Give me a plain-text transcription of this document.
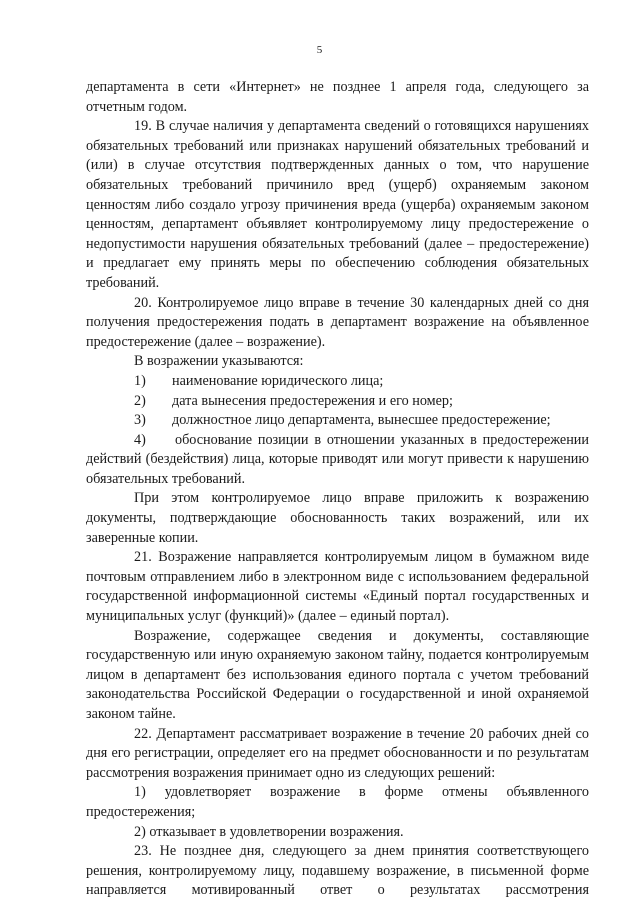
5

департамента в сети «Интернет» не позднее 1 апреля года, следующего за отчетным годом.

19. В случае наличия у департамента сведений о готовящихся нарушениях обязательных требований или признаках нарушений обязательных требований и (или) в случае отсутствия подтвержденных данных о том, что нарушение обязательных требований причинило вред (ущерб) охраняемым законом ценностям либо создало угрозу причинения вреда (ущерба) охраняемым законом ценностям, департамент объявляет контролируемому лицу предостережение о недопустимости нарушения обязательных требований (далее – предостережение) и предлагает ему принять меры по обеспечению соблюдения обязательных требований.

20. Контролируемое лицо вправе в течение 30 календарных дней со дня получения предостережения подать в департамент возражение на объявленное предостережение (далее – возражение).

В возражении указываются:

1)	наименование юридического лица;
2)	дата вынесения предостережения и его номер;
3)	должностное лицо департамента, вынесшее предостережение;

4) обоснование позиции в отношении указанных в предостережении действий (бездействия) лица, которые приводят или могут привести к нарушению обязательных требований.

При этом контролируемое лицо вправе приложить к возражению документы, подтверждающие обоснованность таких возражений, или их заверенные копии.

21. Возражение направляется контролируемым лицом в бумажном виде почтовым отправлением либо в электронном виде с использованием федеральной государственной информационной системы «Единый портал государственных и муниципальных услуг (функций)» (далее – единый портал).

Возражение, содержащее сведения и документы, составляющие государственную или иную охраняемую законом тайну, подается контролируемым лицом в департамент без использования единого портала с учетом требований законодательства Российской Федерации о государственной и иной охраняемой законом тайне.

22. Департамент рассматривает возражение в течение 20 рабочих дней со дня его регистрации, определяет его на предмет обоснованности и по результатам рассмотрения возражения принимает одно из следующих решений:

1) удовлетворяет возражение в форме отмены объявленного предостережения;

2) отказывает в удовлетворении возражения.

23. Не позднее дня, следующего за днем принятия соответствующего решения, контролируемому лицу, подавшему возражение, в письменной форме направляется мотивированный ответ о результатах рассмотрения
